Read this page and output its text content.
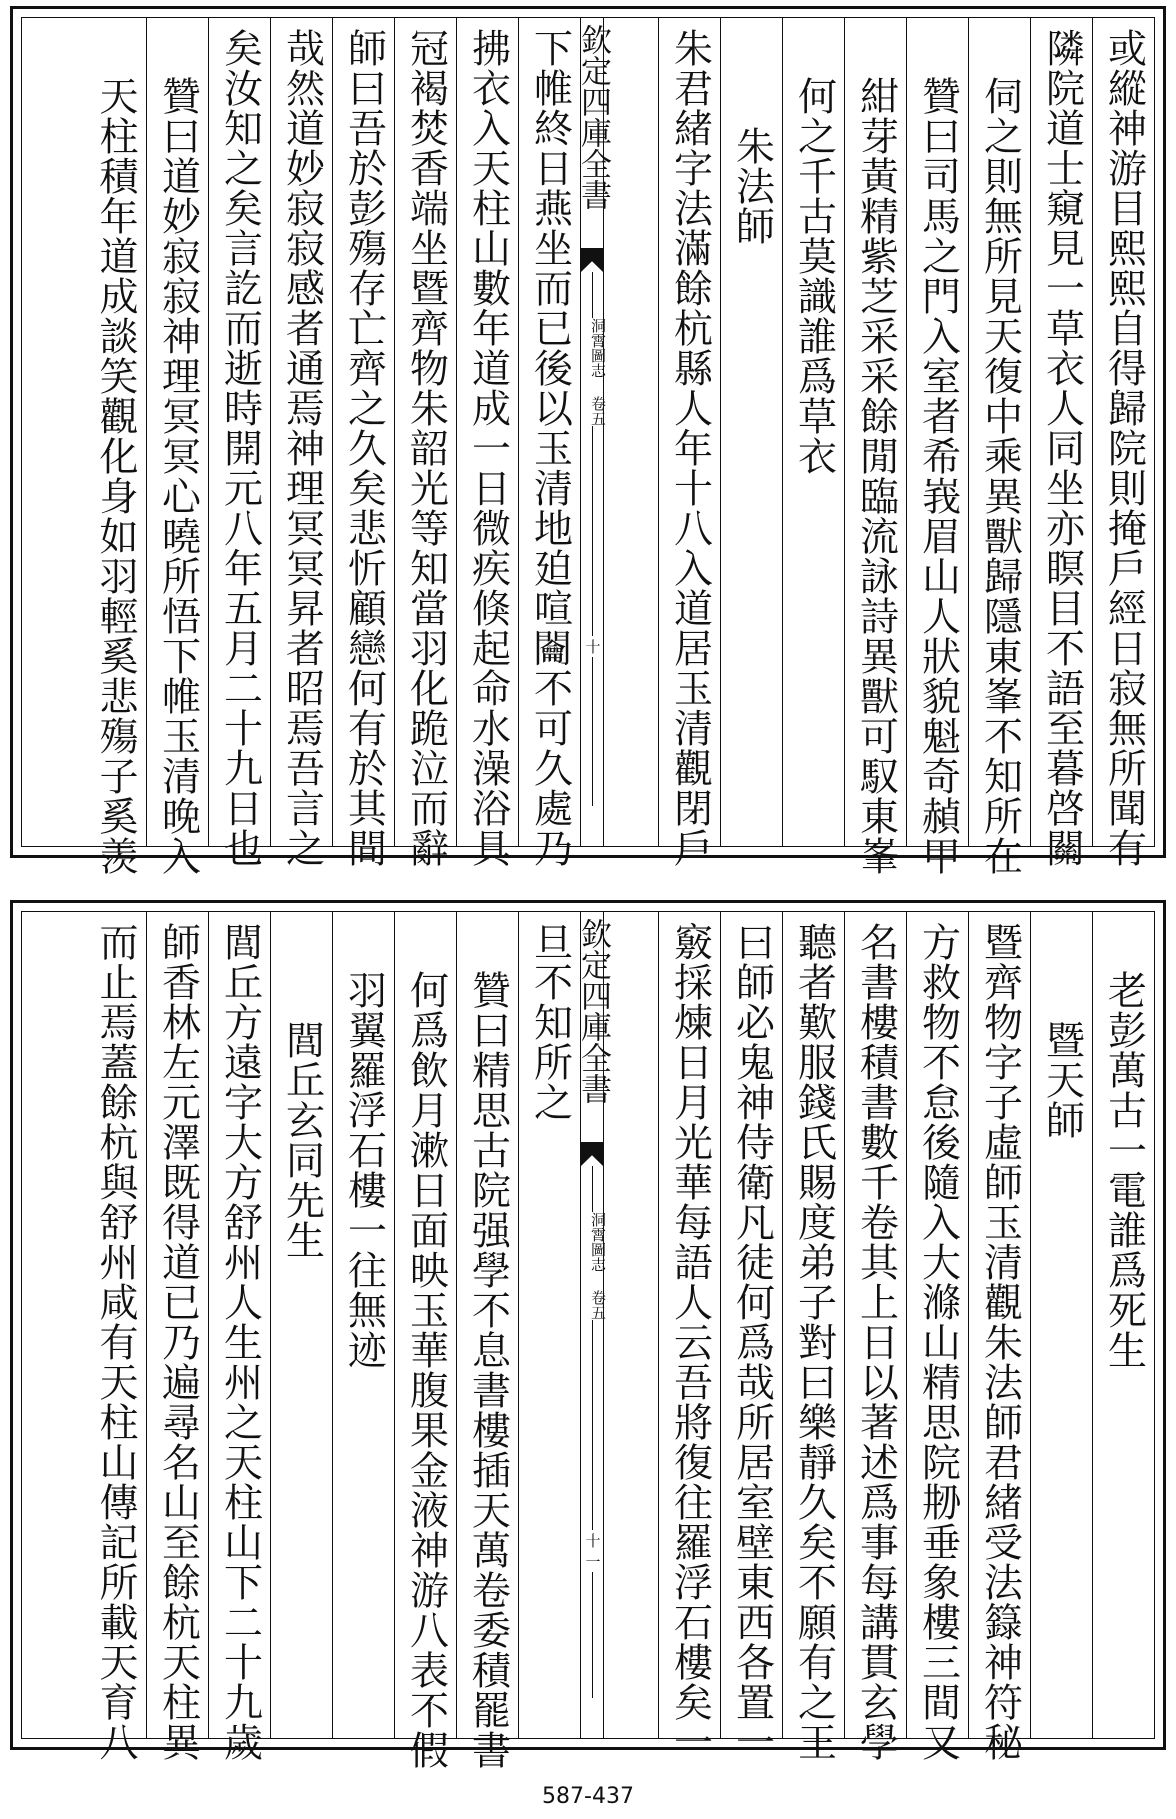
或縱神游目熙熙自得歸院則掩戶經日寂無所聞有
隣院道士窺見一草衣人同坐亦瞑目不語至暮啓關
伺之則無所見天復中乘異獸歸隱東峯不知所在
贊曰司馬之門入室者希峩眉山人狀貌魁奇赬甲
紺芽黃精紫芝采采餘閒臨流詠詩異獸可馭東峯
何之千古莫識誰爲草衣
朱法師
朱君緒字法滿餘杭縣人年十八入道居玉清觀閉戶
欽定四庫全書
洞霄圖志 卷五
十
下帷終日燕坐而已後以玉清地廹喧𨷲不可久處乃
拂衣入天柱山數年道成一日微疾倏起命水澡浴具
冠褐焚香端坐暨齊物朱韶光等知當羽化跪泣而辭
師曰吾於彭殤存亡齊之久矣悲忻顧戀何有於其間
哉然道妙寂寂感者通焉神理冥冥昇者昭焉吾言之
矣汝知之矣言訖而逝時開元八年五月二十九日也
贊曰道妙寂寂神理冥冥心曉所悟下帷玉清晚入
天柱積年道成談笑觀化身如羽輕奚悲殤子奚羡
老彭萬古一電誰爲死生
暨天師
暨齊物字子虛師玉清觀朱法師君緒受法籙神符秘
方救物不怠後隨入大滌山精思院刱垂象樓三間又
名書樓積書數千卷其上日以著述爲事每講貫玄學
聽者歎服錢氏賜度弟子對曰樂靜久矣不願有之王
曰師必鬼神侍衛凡徒何爲哉所居室壁東西各置一
竅採煉日月光華每語人云吾將復往羅浮石樓矣一
欽定四庫全書
洞霄圖志 卷五
十一
旦不知所之
贊曰精思古院强學不息書樓插天萬卷委積罷書
何爲飲月漱日面映玉華腹果金液神游八表不假
羽翼羅浮石樓一往無迹
閭丘玄同先生
閭丘方遠字大方舒州人生州之天柱山下二十九歲
師香林左元澤既得道已乃遍尋名山至餘杭天柱異
而止焉蓋餘杭與舒州咸有天柱山傳記所載天育八
587-437
